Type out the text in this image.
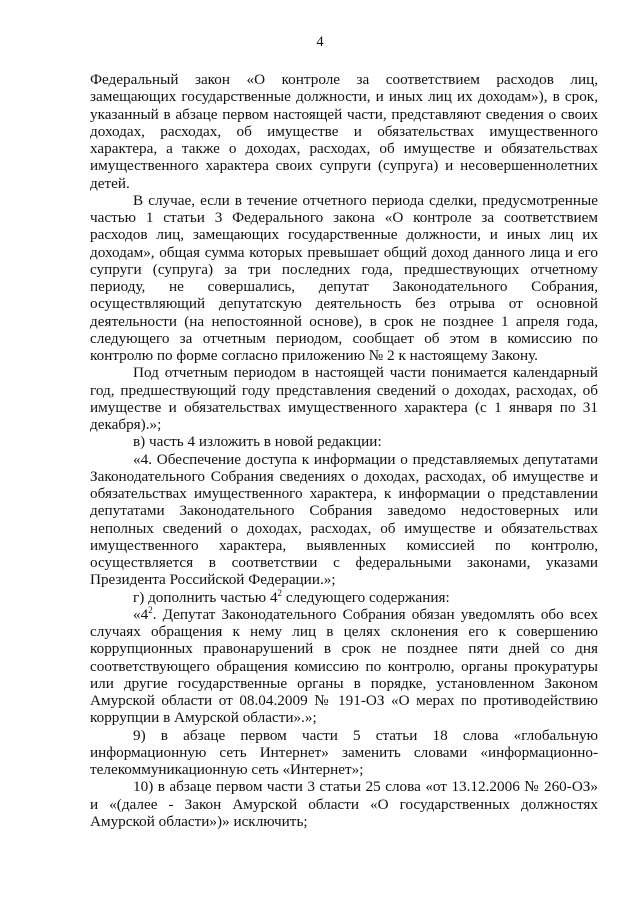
4

Федеральный закон «О контроле за соответствием расходов лиц, замещающих государственные должности, и иных лиц их доходам»), в срок, указанный в абзаце первом настоящей части, представляют сведения о своих доходах, расходах, об имуществе и обязательствах имущественного характера, а также о доходах, расходах, об имуществе и обязательствах имущественного характера своих супруги (супруга) и несовершеннолетних детей.

В случае, если в течение отчетного периода сделки, предусмотренные частью 1 статьи 3 Федерального закона «О контроле за соответствием расходов лиц, замещающих государственные должности, и иных лиц их доходам», общая сумма которых превышает общий доход данного лица и его супруги (супруга) за три последних года, предшествующих отчетному периоду, не совершались, депутат Законодательного Собрания, осуществляющий депутатскую деятельность без отрыва от основной деятельности (на непостоянной основе), в срок не позднее 1 апреля года, следующего за отчетным периодом, сообщает об этом в комиссию по контролю по форме согласно приложению № 2 к настоящему Закону.

Под отчетным периодом в настоящей части понимается календарный год, предшествующий году представления сведений о доходах, расходах, об имуществе и обязательствах имущественного характера (с 1 января по 31 декабря).»;

в) часть 4 изложить в новой редакции:

«4. Обеспечение доступа к информации о представляемых депутатами Законодательного Собрания сведениях о доходах, расходах, об имуществе и обязательствах имущественного характера, к информации о представлении депутатами Законодательного Собрания заведомо недостоверных или неполных сведений о доходах, расходах, об имуществе и обязательствах имущественного характера, выявленных комиссией по контролю, осуществляется в соответствии с федеральными законами, указами Президента Российской Федерации.»;

г) дополнить частью $4^2$ следующего содержания:

«$4^2$. Депутат Законодательного Собрания обязан уведомлять обо всех случаях обращения к нему лиц в целях склонения его к совершению коррупционных правонарушений в срок не позднее пяти дней со дня соответствующего обращения комиссию по контролю, органы прокуратуры или другие государственные органы в порядке, установленном Законом Амурской области от 08.04.2009 № 191-ОЗ «О мерах по противодействию коррупции в Амурской области».»;

9) в абзаце первом части 5 статьи 18 слова «глобальную информационную сеть Интернет» заменить словами «информационно-телекоммуникационную сеть «Интернет»;

10) в абзаце первом части 3 статьи 25 слова «от 13.12.2006 № 260-ОЗ» и «(далее - Закон Амурской области «О государственных должностях Амурской области»)» исключить;
